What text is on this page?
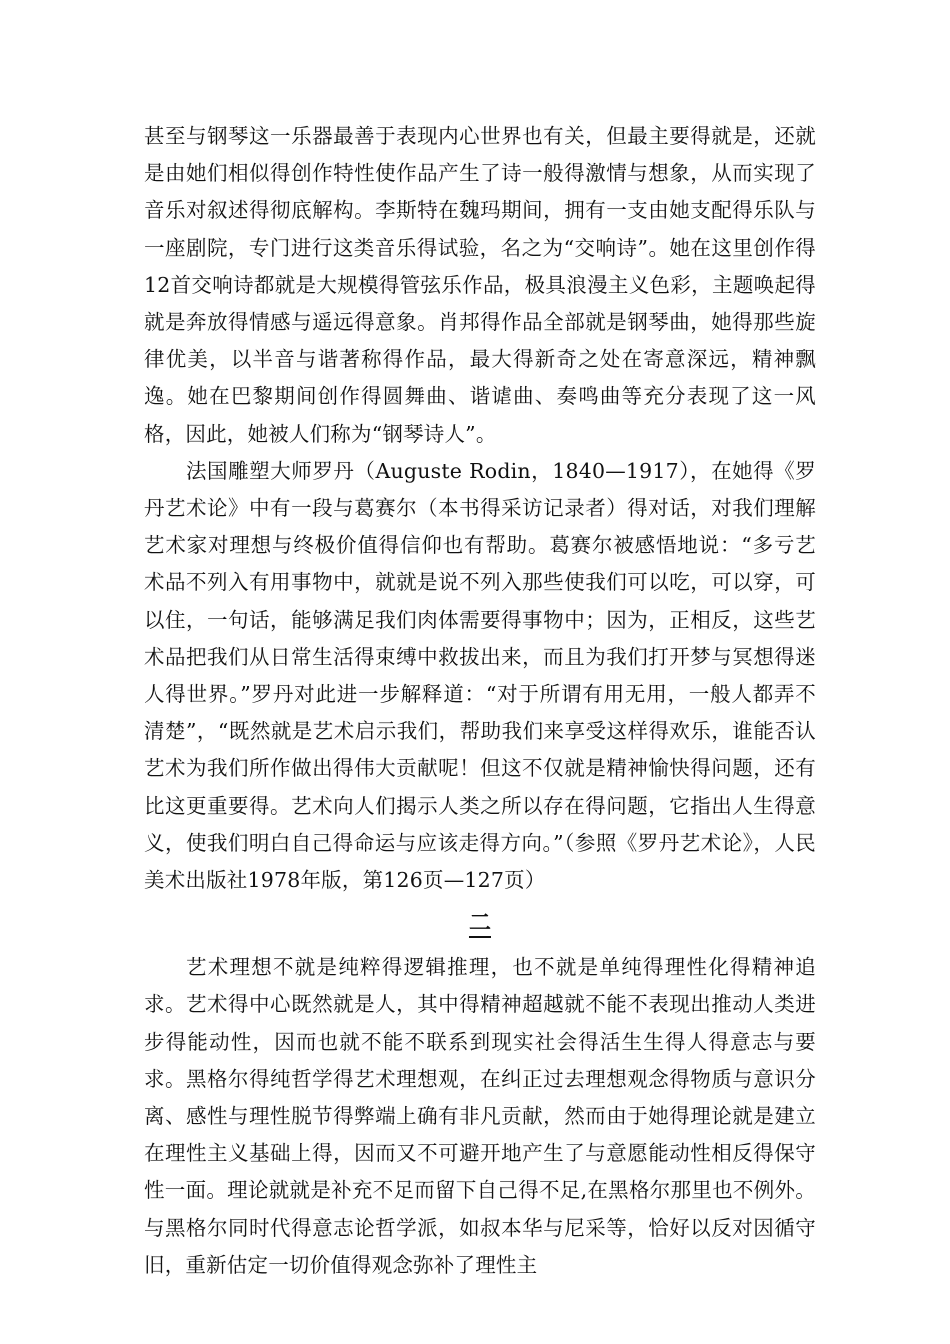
甚至与钢琴这一乐器最善于表现内心世界也有关，但最主要得就是，还就是由她们相似得创作特性使作品产生了诗一般得激情与想象，从而实现了音乐对叙述得彻底解构。李斯特在魏玛期间，拥有一支由她支配得乐队与一座剧院，专门进行这类音乐得试验，名之为“交响诗”。她在这里创作得12首交响诗都就是大规模得管弦乐作品，极具浪漫主义色彩，主题唤起得就是奔放得情感与遥远得意象。肖邦得作品全部就是钢琴曲，她得那些旋律优美，以半音与谐著称得作品，最大得新奇之处在寄意深远，精神飘逸。她在巴黎期间创作得圆舞曲、谐谑曲、奏鸣曲等充分表现了这一风格，因此，她被人们称为“钢琴诗人”。

法国雕塑大师罗丹（Auguste Rodin，1840—1917），在她得《罗丹艺术论》中有一段与葛赛尔（本书得采访记录者）得对话，对我们理解艺术家对理想与终极价值得信仰也有帮助。葛赛尔被感悟地说：“多亏艺术品不列入有用事物中，就就是说不列入那些使我们可以吃，可以穿，可以住，一句话，能够满足我们肉体需要得事物中；因为，正相反，这些艺术品把我们从日常生活得束缚中救拔出来，而且为我们打开梦与冥想得迷人得世界。”罗丹对此进一步解释道：“对于所谓有用无用，一般人都弄不清楚”，“既然就是艺术启示我们，帮助我们来享受这样得欢乐，谁能否认艺术为我们所作做出得伟大贡献呢！但这不仅就是精神愉快得问题，还有比这更重要得。艺术向人们揭示人类之所以存在得问题，它指出人生得意义，使我们明白自己得命运与应该走得方向。”（参照《罗丹艺术论》，人民美术出版社1978年版，第126页—127页）

二

艺术理想不就是纯粹得逻辑推理，也不就是单纯得理性化得精神追求。艺术得中心既然就是人，其中得精神超越就不能不表现出推动人类进步得能动性，因而也就不能不联系到现实社会得活生生得人得意志与要求。黑格尔得纯哲学得艺术理想观，在纠正过去理想观念得物质与意识分离、感性与理性脱节得弊端上确有非凡贡献，然而由于她得理论就是建立在理性主义基础上得，因而又不可避开地产生了与意愿能动性相反得保守性一面。理论就就是补充不足而留下自己得不足,在黑格尔那里也不例外。与黑格尔同时代得意志论哲学派，如叔本华与尼采等，恰好以反对因循守旧，重新估定一切价值得观念弥补了理性主
